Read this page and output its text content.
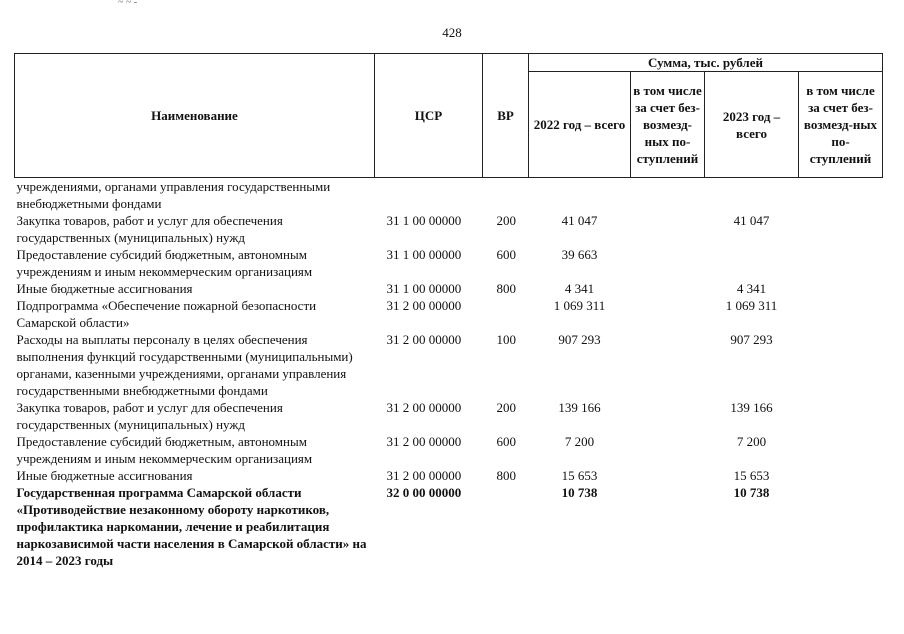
~ ~ -
428
Наименование	ЦСР	ВР	Сумма, тыс. рублей			
			2022 год – всего	в том числе за счет без-возмезд-ных по-ступлений	2023 год – всего	в том числе за счет без-возмезд-ных по-ступлений
учреждениями, органами управления государственными внебюджетными фондами						
Закупка товаров, работ и услуг для обеспечения государственных (муниципальных) нужд	31 1 00 00000	200	41 047		41 047	
Предоставление субсидий бюджетным, автономным учреждениям и иным некоммерческим организациям	31 1 00 00000	600	39 663			
Иные бюджетные ассигнования	31 1 00 00000	800	4 341		4 341	
Подпрограмма «Обеспечение пожарной безопасности Самарской области»	31 2 00 00000		1 069 311		1 069 311	
Расходы на выплаты персоналу в целях обеспечения выполнения функций государственными (муниципальными) органами, казенными учреждениями, органами управления государственными внебюджетными фондами	31 2 00 00000	100	907 293		907 293	
Закупка товаров, работ и услуг для обеспечения государственных (муниципальных) нужд	31 2 00 00000	200	139 166		139 166	
Предоставление субсидий бюджетным, автономным учреждениям и иным некоммерческим организациям	31 2 00 00000	600	7 200		7 200	
Иные бюджетные ассигнования	31 2 00 00000	800	15 653		15 653	
Государственная программа Самарской области «Противодействие незаконному обороту наркотиков, профилактика наркомании, лечение и реабилитация наркозависимой части населения в Самарской области» на 2014 – 2023 годы	32 0 00 00000		10 738		10 738	
